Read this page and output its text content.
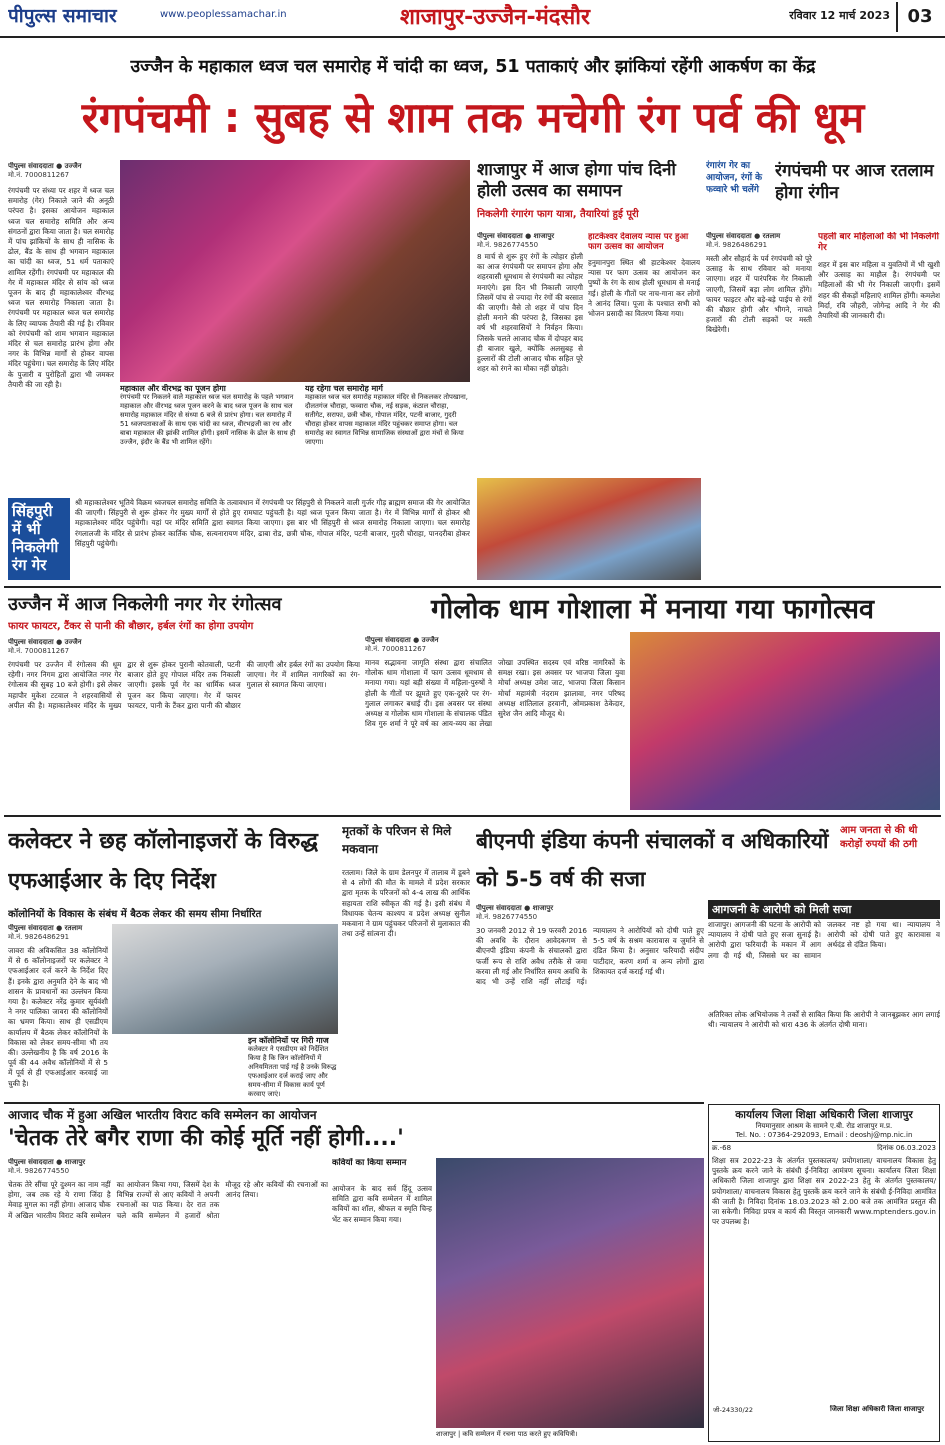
पीपुल्स समाचार	www.peoplessamachar.in	शाजापुर-उज्जैन-मंदसौर	रविवार 12 मार्च 2023 03
उज्जैन के महाकाल ध्वज चल समारोह में चांदी का ध्वज, 51 पताकाएं और झांकियां रहेंगी आकर्षण का केंद्र
रंगपंचमी : सुबह से शाम तक मचेगी रंग पर्व की धूम
पीपुल्स संवाददाता ● उज्जैन
मो.नं. 7000811267
रंगपंचमी पर संध्या पर शहर में ध्वज चल समारोह (गेर) निकाले जाने की अनूठी परंपरा है। इसका आयोजन महाकाल ध्वज चल समारोह समिति और अन्य संगठनों द्वारा किया जाता है। चल समारोह में पांच झांकियों के साथ ही नासिक के ढोल, बैंड के साथ ही भगवान महाकाल का चांदी का ध्वज, 51 धर्म पताकाएं शामिल रहेंगी। रंगपंचमी पर महाकाल की गेर में महाकाल मंदिर से सांय को ध्वज पूजन के बाद ही महाकालेश्वर वीरभद्र ध्वज चल समारोह निकाला जाता है। रंगपंचमी पर महाकाल ध्वज चल समारोह के लिए व्यापक तैयारी की गई है। रविवार को रंगपंचमी को शाम भगवान महाकाल मंदिर से चल समारोह प्रारंभ होगा और नगर के विभिन्न मार्गों से होकर वापस मंदिर पहुंचेगा। चल समारोह के लिए मंदिर के पुजारी व पुरोहितों द्वारा भी जमकर तैयारी की जा रही है।	महाकाल और वीरभद्र का पूजन होगा
रंगपंचमी पर निकलने वाले महाकाल ध्वज चल समारोह के पहले भगवान महाकाल और वीरभद्र ध्वज पूजन करने के बाद ध्वज पूजन के साथ चल समारोह महाकाल मंदिर से संध्या 6 बजे से प्रारंभ होगा। चल समारोह में 51 ध्वजपताकाओं के साथ एक चांदी का ध्वज, वीरभद्रजी का रथ और बाबा महाकाल की झांकी शामिल होंगी। इसमें नासिक के ढोल के साथ ही उज्जैन, इंदौर के बैंड भी शामिल रहेंगे।
यह रहेगा चल समारोह मार्ग
महाकाल ध्वज चल समारोह महाकाल मंदिर से निकलकर तोपखाना, दौलतगंज चौराहा, फव्वारा चौक, नई सड़क, कंठाल चौराहा, सतीगेट, सराफा, छत्री चौक, गोपाल मंदिर, पटनी बाजार, गुदरी चौराहा होकर वापस महाकाल मंदिर पहुंचकर समाप्त होगा। चल समारोह का स्वागत विभिन्न सामाजिक संस्थाओं द्वारा मंचों से किया जाएगा।
सिंहपुरी में भी निकलेगी रंग गेर
श्री महाकालेश्वर भूतिये विक्रम ध्वजचल समारोह समिति के तत्वावधान में रंगपंचमी पर सिंहपुरी से निकलने वाली गुर्जर गौड़ ब्राह्मण समाज की गेर आयोजित की जाएगी। सिंहपुरी से शुरू होकर गेर मुख्य मार्गों से होते हुए रामघाट पहुंचती है। यहां ध्वज पूजन किया जाता है। गेर में विभिन्न मार्गों से होकर श्री महाकालेश्वर मंदिर पहुंचेगी। यहां पर मंदिर समिति द्वारा स्वागत किया जाएगा। इस बार भी सिंहपुरी से ध्वज समारोह निकाला जाएगा। चल समारोह रंगलालजी के मंदिर से प्रारंभ होकर कार्तिक चौक, सत्यनारायण मंदिर, ढाबा रोड, छत्री चौक, गोपाल मंदिर, पटनी बाजार, गुदरी चौराहा, पानदरीबा होकर सिंहपुरी पहुंचेगी।
शाजापुर में आज होगा पांच दिनी होली उत्सव का समापन
निकलेगी रंगारंग फाग यात्रा, तैयारियां हुई पूरी
पीपुल्स संवाददाता ● शाजापुर
मो.नं. 9826774550
8 मार्च से शुरू हुए रंगों के त्योहार होली का आज रंगपंचमी पर समापन होगा और शहरवासी धूमधाम से रंगपंचमी का त्योहार मनाएंगे। इस दिन भी निकाली जाएगी जिसमें पांच से ज्यादा गेर रंगों की बरसात की जाएगी। वैसे तो शहर में पांच दिन होली मनाने की परंपरा है, जिसका इस वर्ष भी शहरवासियों ने निर्वहन किया। जिसके चलते आजाद चौक में दोपहर बाद ही बाजार खुले, क्योंकि अलसुबह से हुल्लारों की टोली आजाद चौक सहित पूरे शहर को रंगने का मौका नहीं छोड़ते।
हाटकेश्वर देवालय न्यास पर हुआ फाग उत्सव का आयोजन
हनुमानपुरा स्थित श्री हाटकेश्वर देवालय न्यास पर फाग उत्सव का आयोजन कर पुष्पों के रंग के साथ होली धूमधाम से मनाई गई। होली के गीतों पर नाच-गाना कर लोगों ने आनंद लिया। पूजा के पश्चात सभी को भोजन प्रसादी का वितरण किया गया।
रंगारंग गेर का आयोजन, रंगों के फव्वारे भी चलेंगे
रंगपंचमी पर आज रतलाम होगा रंगीन
पीपुल्स संवाददाता ● रतलाम
मो.नं. 9826486291
मस्ती और सौहार्द के पर्व रंगपंचमी को पूरे उत्साह के साथ रविवार को मनाया जाएगा। शहर में पारंपरिक गेर निकाली जाएगी, जिसमें बड़ा लोग शामिल होंगे। फायर फाइटर और बड़े-बड़े पाईप से रंगों की बौछार होगी और भीगने, नाचते हजारों की टोली सड़कों पर मस्ती बिखेरेगी।
पहली बार महिलाओं की भी निकलेगी गेर
शहर में इस बार महिला व युवतियों में भी खुशी और उत्साह का माहौल है। रंगपंचमी पर महिलाओं की भी गेर निकाली जाएगी। इसमें शहर की सैकड़ों महिलाएं शामिल होंगी। कमलेश मिर्दा, रवि जौहरी, जोगेन्द्र आदि ने गेर की तैयारियों की जानकारी दी।
उज्जैन में आज निकलेगी नगर गेर रंगोत्सव
फायर फायटर, टैंकर से पानी की बौछार, हर्बल रंगों का होगा उपयोग
पीपुल्स संवाददाता ● उज्जैन
मो.नं. 7000811267
रंगपंचमी पर उज्जैन में रंगोत्सव की धूम रहेगी। नगर निगम द्वारा आयोजित नगर गेर रंगोत्सव की सुबह 10 बजे होगी। इसे लेकर महापौर मुकेश टटवाल ने शहरवासियों से अपील की है। महाकालेश्वर मंदिर के मुख्य द्वार से शुरू होकर पुरानी कोतवाली, पटनी बाजार होते हुए गोपाल मंदिर तक निकाली जाएगी। इसके पूर्व गेर का धार्मिक ध्वज पूजन कर किया जाएगा। गेर में फायर फायटर, पानी के टैंकर द्वारा पानी की बौछार की जाएगी और हर्बल रंगों का उपयोग किया जाएगा। गेर में शामिल नागरिकों का रंग-गुलाल से स्वागत किया जाएगा।
गोलोक धाम गोशाला में मनाया गया फागोत्सव
पीपुल्स संवाददाता ● उज्जैन
मो.नं. 7000811267
मानव सद्भावना जागृति संस्था द्वारा संचालित गोलोक धाम गोशाला में फाग उत्सव धूमधाम से मनाया गया। यहां बड़ी संख्या में महिला-पुरुषों ने होली के गीतों पर झूमते हुए एक-दूसरे पर रंग-गुलाल लगाकर बधाई दी। इस अवसर पर संस्था अध्यक्ष व गोलोक धाम गोशाला के संचालक पंडित शिव गुरु शर्मा ने पूरे वर्ष का आय-व्यय का लेखा जोखा उपस्थित सदस्य एवं वरिष्ठ नागरिकों के समक्ष रखा। इस अवसर पर भाजपा जिला युवा मोर्चा अध्यक्ष उमेश जाट, भाजपा जिला किसान मोर्चा महामंत्री नंदराम झालावा, नगर परिषद अध्यक्ष शांतिलाल हरवानी, ओमप्रकाश ठेकेदार, सुरेश जैन आदि मौजूद थे।
कलेक्टर ने छह कॉलोनाइजरों के विरुद्ध एफआईआर के दिए निर्देश
कॉलोनियों के विकास के संबंध में बैठक लेकर की समय सीमा निर्धारित
पीपुल्स संवाददाता ● रतलाम
मो.नं. 9826486291
जावरा की अविकसित 38 कॉलोनियों में से 6 कॉलोनाइजरों पर कलेक्टर ने एफआईआर दर्ज करने के निर्देश दिए हैं। इनके द्वारा अनुमति देने के बाद भी शासन के प्रावधानों का उल्लंघन किया गया है। कलेक्टर नरेंद्र कुमार सूर्यवंशी ने नगर पालिका जावरा की कॉलोनियों का भ्रमण किया। साथ ही एसडीएम कार्यालय में बैठक लेकर कॉलोनियों के विकास को लेकर समय-सीमा भी तय की। उल्लेखनीय है कि वर्ष 2016 के पूर्व की 44 अवैध कॉलोनियों में से 5 में पूर्व से ही एफआईआर करवाई जा चुकी है।
इन कॉलोनियों पर गिरी गाज
कलेक्टर ने एसडीएम को निर्देशित किया है कि जिन कॉलोनियों में अनियमितता पाई गई है उनके विरुद्ध एफआईआर दर्ज कराई जाए और समय-सीमा में विकास कार्य पूर्ण करवाए जाएं।
मृतकों के परिजन से मिले मकवाना
रतलाम। जिले के ग्राम डेलनपुर में तालाब में डूबने से 4 लोगों की मौत के मामले में प्रदेश सरकार द्वारा मृतक के परिजनों को 4-4 लाख की आर्थिक सहायता राशि स्वीकृत की गई है। इसी संबंध में विधायक चेतन्य काश्यप व प्रदेश अध्यक्ष सुनील मकवाना ने ग्राम पहुंचकर परिजनों से मुलाकात की तथा उन्हें सांत्वना दी।
बीएनपी इंडिया कंपनी संचालकों व अधिकारियों को 5-5 वर्ष की सजा
आम जनता से की थी करोड़ों रुपयों की ठगी
पीपुल्स संवाददाता ● शाजापुर
मो.नं. 9826774550
30 जनवरी 2012 से 19 फरवरी 2016 की अवधि के दौरान आवेदकगण से बीएनपी इंडिया कंपनी के संचालकों द्वारा फर्जी रूप से राशि अवैध तरीके से जमा करवा ली गई और निर्धारित समय अवधि के बाद भी उन्हें राशि नहीं लौटाई गई। न्यायालय ने आरोपियों को दोषी पाते हुए 5-5 वर्ष के सश्रम कारावास व जुर्माने से दंडित किया है। अनुसार फरियादी संदीप पाटीदार, करण शर्मा व अन्य लोगों द्वारा शिकायत दर्ज कराई गई थी।
आगजनी के आरोपी को मिली सजा
शाजापुर। आगजनी की घटना के आरोपी को न्यायालय ने दोषी पाते हुए सजा सुनाई है। आरोपी द्वारा फरियादी के मकान में आग लगा दी गई थी, जिससे घर का सामान जलकर नष्ट हो गया था। न्यायालय ने आरोपी को दोषी पाते हुए कारावास व अर्थदंड से दंडित किया।
अतिरिक्त लोक अभियोजक ने तर्कों से साबित किया कि आरोपी ने जानबूझकर आग लगाई थी। न्यायालय ने आरोपी को धारा 436 के अंतर्गत दोषी माना।
आजाद चौक में हुआ अखिल भारतीय विराट कवि सम्मेलन का आयोजन
'चेतक तेरे बगैर राणा की कोई मूर्ति नहीं होगी....'
पीपुल्स संवाददाता ● शाजापुर
मो.नं. 9826774550
चेतक तेरे सींचा पूरे दुश्मन का नाम नहीं होगा, जब तक रहे ये राणा जिंदा है मेवाड़ मुगल का नहीं होगा। आजाद चौक में अखिल भारतीय विराट कवि सम्मेलन का आयोजन किया गया, जिसमें देश के विभिन्न राज्यों से आए कवियों ने अपनी रचनाओं का पाठ किया। देर रात तक चले कवि सम्मेलन में हजारों श्रोता मौजूद रहे और कवियों की रचनाओं का आनंद लिया।
कवियों का किया सम्मान
आयोजन के बाद सर्व हिंदू उत्सव समिति द्वारा कवि सम्मेलन में शामिल कवियों का शॉल, श्रीफल व स्मृति चिन्ह भेंट कर सम्मान किया गया।
शाजापुर | कवि सम्मेलन में रचना पाठ करते हुए कवियित्री।
कार्यालय जिला शिक्षा अधिकारी जिला शाजापुर
नियमानुसार आश्रम के सामने ए.बी. रोड शाजापुर म.प्र.
Tel. No. : 07364-292093, Email : deoshj@mp.nic.in
क्र.-68	दिनांक 06.03.2023
शिक्षा सत्र 2022-23 के अंतर्गत पुस्तकालय/ प्रयोगशाला/ वाचनालय विकास हेतु पुस्तके क्रय करने जाने के संबंधी ई-निविदा आमंत्रण सूचना। कार्यालय जिला शिक्षा अधिकारी जिला शाजापुर द्वारा शिक्षा सत्र 2022-23 हेतु के अंतर्गत पुस्तकालय/ प्रयोगशाला/ वाचनालय विकास हेतु पुस्तकें क्रय करने जाने के संबंधी ई-निविदा आमंत्रित की जाती है। निविदा दिनांक 18.03.2023 को 2.00 बजे तक आमंत्रित प्रस्तुत की जा सकेगी। निविदा प्रपत्र व कार्य की विस्तृत जानकारी www.mptenders.gov.in पर उपलब्ध है।
जी-24330/22	जिला शिक्षा अधिकारी जिला शाजापुर
